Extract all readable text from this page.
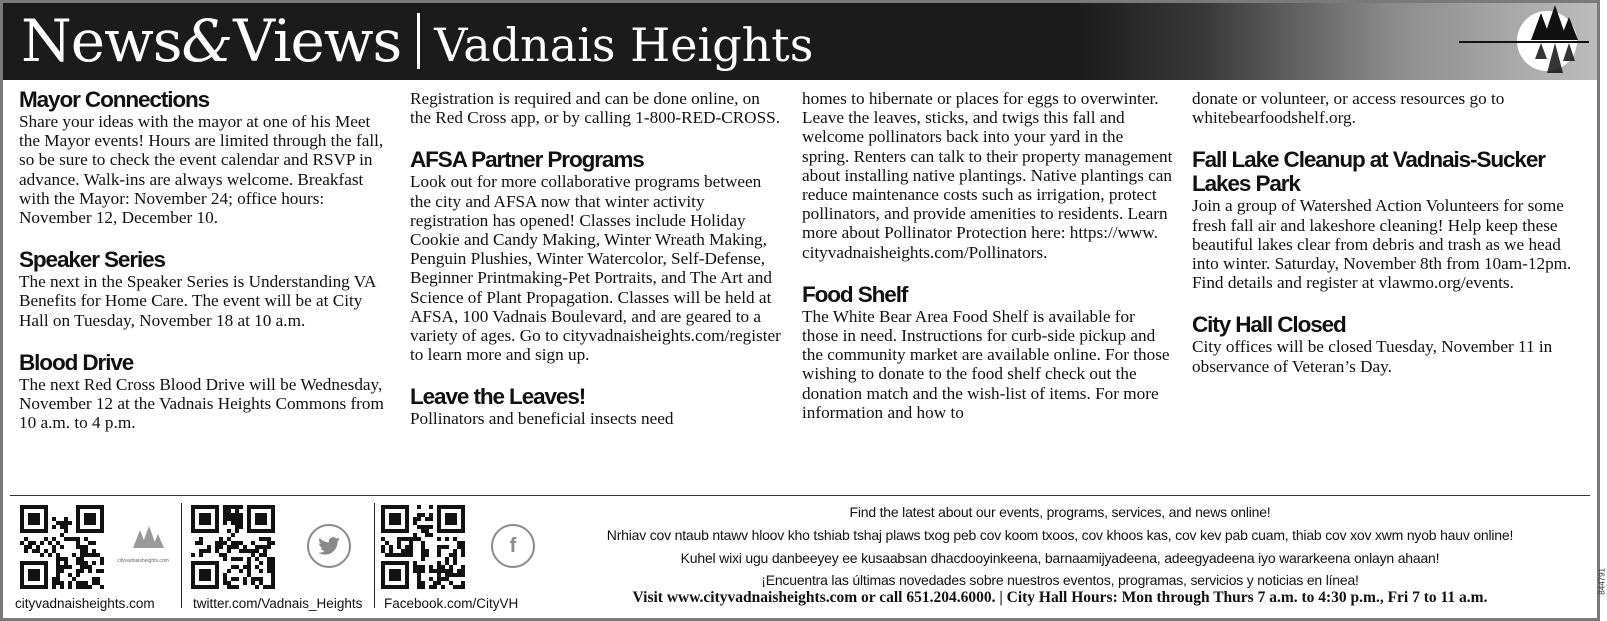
News&Views Vadnais Heights
Mayor Connections

Share your ideas with the mayor at one of his Meet the Mayor events! Hours are limited through the fall, so be sure to check the event calendar and RSVP in advance. Walk-ins are always welcome. Breakfast with the Mayor: November 24; office hours: November 12, December 10.

Speaker Series

The next in the Speaker Series is Understanding VA Benefits for Home Care. The event will be at City Hall on Tuesday, November 18 at 10 a.m.

Blood Drive

The next Red Cross Blood Drive will be Wednesday, November 12 at the Vadnais Heights Commons from 10 a.m. to 4 p.m.

Registration is required and can be done online, on the Red Cross app, or by calling 1-800-RED-CROSS.

AFSA Partner Programs

Look out for more collaborative programs between the city and AFSA now that winter activity registration has opened! Classes include Holiday Cookie and Candy Making, Winter Wreath Making, Penguin Plushies, Winter Watercolor, Self-Defense, Beginner Printmaking-Pet Portraits, and The Art and Science of Plant Propagation. Classes will be held at AFSA, 100 Vadnais Boulevard, and are geared to a variety of ages. Go to cityvadnaisheights.com/register to learn more and sign up.

Leave the Leaves!

Pollinators and beneficial insects need

homes to hibernate or places for eggs to overwinter. Leave the leaves, sticks, and twigs this fall and welcome pollinators back into your yard in the spring. Renters can talk to their property management about installing native plantings. Native plantings can reduce maintenance costs such as irrigation, protect pollinators, and provide amenities to residents. Learn more about Pollinator Protection here: https://www. cityvadnaisheights.com/Pollinators.

Food Shelf

The White Bear Area Food Shelf is available for those in need. Instructions for curb-side pickup and the community market are available online. For those wishing to donate to the food shelf check out the donation match and the wish-list of items. For more information and how to

donate or volunteer, or access resources go to whitebearfoodshelf.org.

Fall Lake Cleanup at Vadnais-Sucker Lakes Park

Join a group of Watershed Action Volunteers for some fresh fall air and lakeshore cleaning! Help keep these beautiful lakes clear from debris and trash as we head into winter. Saturday, November 8th from 10am-12pm. Find details and register at vlawmo.org/events.

City Hall Closed

City offices will be closed Tuesday, November 11 in observance of Veteran’s Day.

cityvadnaisheights.com
cityvadnaisheights.com	twitter.com/Vadnais_Heights
f
Facebook.com/CityVH
Find the latest about our events, programs, services, and news online!
Nrhiav cov ntaub ntawv hloov kho tshiab tshaj plaws txog peb cov koom txoos, cov khoos kas, cov kev pab cuam, thiab cov xov xwm nyob hauv online!
Kuhel wixi ugu danbeeyey ee kusaabsan dhacdooyinkeena, barnaamijyadeena, adeegyadeena iyo wararkeena onlayn ahaan!
¡Encuentra las últimas novedades sobre nuestros eventos, programas, servicios y noticias en línea!
Visit www.cityvadnaisheights.com or call 651.204.6000. | City Hall Hours: Mon through Thurs 7 a.m. to 4:30 p.m., Fri 7 to 11 a.m.
844791
